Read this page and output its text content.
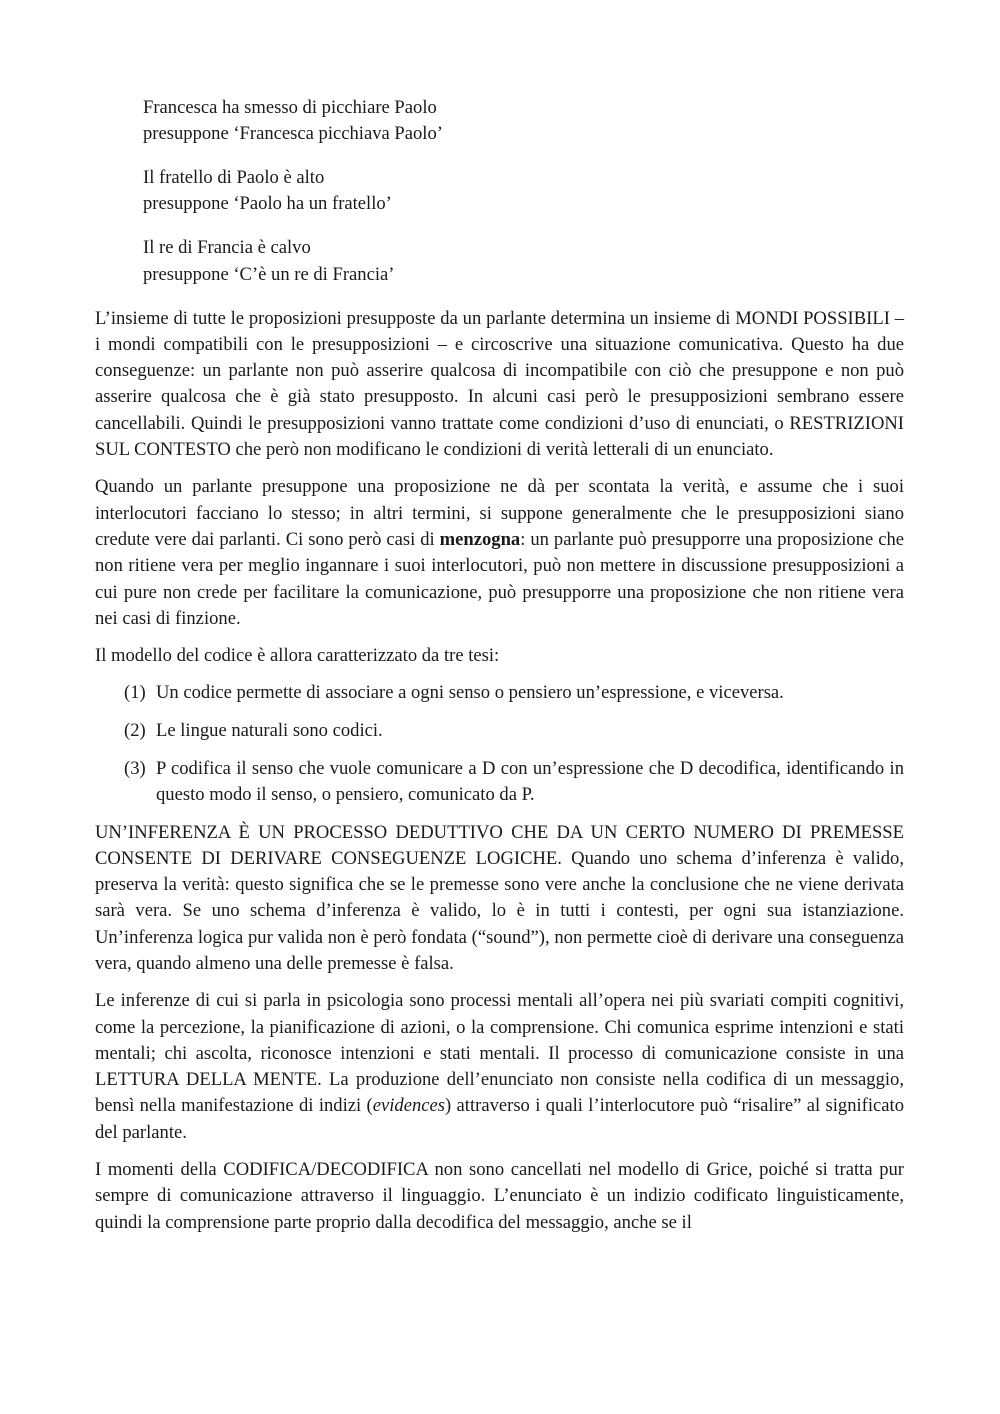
Francesca ha smesso di picchiare Paolo
presuppone ‘Francesca picchiava Paolo’
Il fratello di Paolo è alto
presuppone ‘Paolo ha un fratello’
Il re di Francia è calvo
presuppone ‘C’è un re di Francia’

L’insieme di tutte le proposizioni presupposte da un parlante determina un insieme di MONDI POSSIBILI – i mondi compatibili con le presupposizioni – e circoscrive una situazione comunicativa. Questo ha due conseguenze: un parlante non può asserire qualcosa di incompatibile con ciò che presuppone e non può asserire qualcosa che è già stato presupposto. In alcuni casi però le presupposizioni sembrano essere cancellabili. Quindi le presupposizioni vanno trattate come condizioni d’uso di enunciati, o RESTRIZIONI SUL CONTESTO che però non modificano le condizioni di verità letterali di un enunciato.

Quando un parlante presuppone una proposizione ne dà per scontata la verità, e assume che i suoi interlocutori facciano lo stesso; in altri termini, si suppone generalmente che le presupposizioni siano credute vere dai parlanti. Ci sono però casi di menzogna: un parlante può presupporre una proposizione che non ritiene vera per meglio ingannare i suoi interlocutori, può non mettere in discussione presupposizioni a cui pure non crede per facilitare la comunicazione, può presupporre una proposizione che non ritiene vera nei casi di finzione.

Il modello del codice è allora caratterizzato da tre tesi:

(1) Un codice permette di associare a ogni senso o pensiero un’espressione, e viceversa.
(2) Le lingue naturali sono codici.
(3) P codifica il senso che vuole comunicare a D con un’espressione che D decodifica, identificando in questo modo il senso, o pensiero, comunicato da P.

UN’INFERENZA È UN PROCESSO DEDUTTIVO CHE DA UN CERTO NUMERO DI PREMESSE CONSENTE DI DERIVARE CONSEGUENZE LOGICHE. Quando uno schema d’inferenza è valido, preserva la verità: questo significa che se le premesse sono vere anche la conclusione che ne viene derivata sarà vera. Se uno schema d’inferenza è valido, lo è in tutti i contesti, per ogni sua istanziazione. Un’inferenza logica pur valida non è però fondata (“sound”), non permette cioè di derivare una conseguenza vera, quando almeno una delle premesse è falsa.

Le inferenze di cui si parla in psicologia sono processi mentali all’opera nei più svariati compiti cognitivi, come la percezione, la pianificazione di azioni, o la comprensione. Chi comunica esprime intenzioni e stati mentali; chi ascolta, riconosce intenzioni e stati mentali. Il processo di comunicazione consiste in una LETTURA DELLA MENTE. La produzione dell’enunciato non consiste nella codifica di un messaggio, bensì nella manifestazione di indizi (evidences) attraverso i quali l’interlocutore può “risalire” al significato del parlante.

I momenti della CODIFICA/DECODIFICA non sono cancellati nel modello di Grice, poiché si tratta pur sempre di comunicazione attraverso il linguaggio. L’enunciato è un indizio codificato linguisticamente, quindi la comprensione parte proprio dalla decodifica del messaggio, anche se il
